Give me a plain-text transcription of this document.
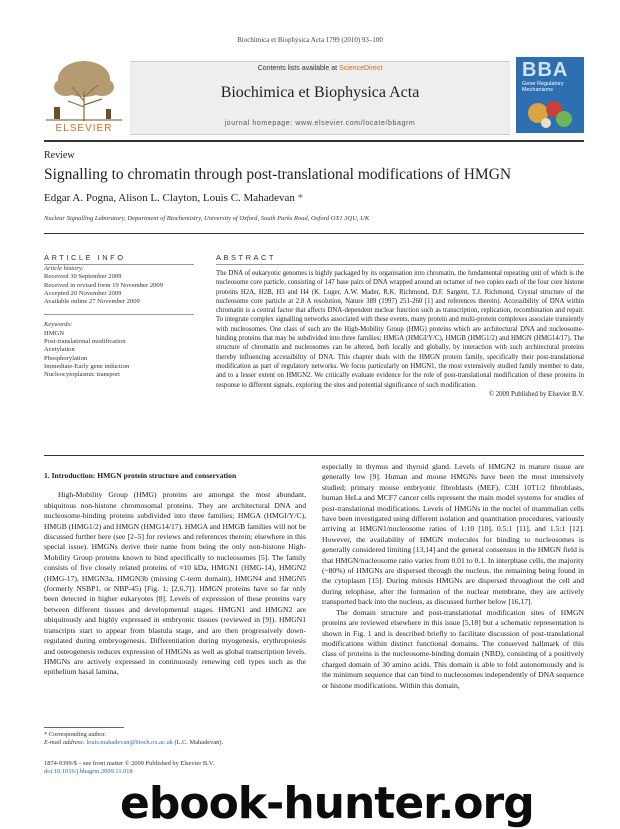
Biochimica et Biophysica Acta 1799 (2010) 93–100
ELSEVIER
Contents lists available at ScienceDirect
Biochimica et Biophysica Acta
journal homepage: www.elsevier.com/locate/bbagrm
BBA
Gene Regulatory Mechanisms
Review
Signalling to chromatin through post-translational modifications of HMGN
Edgar A. Pogna, Alison L. Clayton, Louis C. Mahadevan *
Nuclear Signalling Laboratory, Department of Biochemistry, University of Oxford, South Parks Road, Oxford OX1 3QU, UK
ARTICLE INFO
Article history:
Received 30 September 2009
Received in revised form 19 November 2009
Accepted 20 November 2009
Available online 27 November 2009
Keywords:
HMGN
Post-translational modification
Acetylation
Phosphorylation
Immediate-Early gene induction
Nucleocytoplasmic transport
ABSTRACT
The DNA of eukaryotic genomes is highly packaged by its organisation into chromatin, the fundamental repeating unit of which is the nucleosome core particle, consisting of 147 base pairs of DNA wrapped around an octamer of two copies each of the four core histone proteins H2A, H2B, H3 and H4 (K. Luger, A.W. Mader, R.K. Richmond, D.F. Sargent, T.J. Richmond, Crystal structure of the nucleosome core particle at 2.8 A resolution, Nature 389 (1997) 251-260 [1] and references therein). Accessibility of DNA within chromatin is a central factor that affects DNA-dependent nuclear function such as transcription, replication, recombination and repair. To integrate complex signalling networks associated with these events, many protein and multi-protein complexes associate transiently with nucleosomes. One class of such are the High-Mobility Group (HMG) proteins which are architectural DNA and nucleosome-binding proteins that may be subdivided into three families; HMGA (HMGI/Y/C), HMGB (HMG1/2) and HMGN (HMG14/17). The structure of chromatin and nucleosomes can be altered, both locally and globally, by interaction with such architectural proteins thereby influencing accessibility of DNA. This chapter deals with the HMGN protein family, specifically their post-translational modification as part of regulatory networks. We focus particularly on HMGN1, the most extensively studied family member to date, and to a lesser extent on HMGN2. We critically evaluate evidence for the role of post-translational modification of these proteins in response to different signals, exploring the sites and potential significance of such modification.
© 2009 Published by Elsevier B.V.
1. Introduction: HMGN protein structure and conservation

High-Mobility Group (HMG) proteins are amongst the most abundant, ubiquitous non-histone chromosomal proteins. They are architectural DNA and nucleosome-binding proteins subdivided into three families; HMGA (HMGI/Y/C), HMGB (HMG1/2) and HMGN (HMG14/17). HMGA and HMGB families will not be discussed further here (see [2–5] for reviews and references therein; elsewhere in this special issue). HMGNs derive their name from being the only non-histone High-Mobility Group proteins known to bind specifically to nucleosomes [5]. The family consists of five closely related proteins of ≈10 kDa, HMGN1 (HMG-14), HMGN2 (HMG-17), HMGN3a, HMGN3b (missing C-term domain), HMGN4 and HMGN5 (formerly NSBP1, or NBP-45) [Fig. 1; [2,6,7]]. HMGN proteins have so far only been detected in higher eukaryotes [8]. Levels of expression of these proteins vary between different tissues and developmental stages. HMGN1 and HMGN2 are ubiquitously and highly expressed in embryonic tissues (reviewed in [9]). HMGN1 transcripts start to appear from blastula stage, and are then progressively down-regulated during embryogenesis. Differentiation during myogenesis, erythropoiesis and osteogenesis reduces expression of HMGNs as well as global transcription levels. HMGNs are actively expressed in continuously renewing cell types such as the epithelium basal lamina,

especially in thymus and thyroid gland. Levels of HMGN2 in mature tissue are generally low [9]. Human and mouse HMGNs have been the most intensively studied; primary mouse embryonic fibroblasts (MEF), C3H 10T1/2 fibroblasts, human HeLa and MCF7 cancer cells represent the main model systems for studies of post-translational modifications. Levels of HMGNs in the nuclei of mammalian cells have been investigated using different isolation and quantitation procedures, variously arriving at HMGN1/nucleosome ratios of 1:10 [10], 0.5:1 [11], and 1.5:1 [12]. However, the availability of HMGN molecules for binding to nucleosomes is generally considered limiting [13,14] and the general consensus in the HMGN field is that HMGN/nucleosome ratio varies from 0.01 to 0.1. In interphase cells, the majority (~80%) of HMGNs are dispersed through the nucleus, the remaining being found in the cytoplasm [15]. During mitosis HMGNs are dispersed throughout the cell and during telophase, after the formation of the nuclear membrane, they are actively transported back into the nucleus, as discussed further below [16,17].

The domain structure and post-translational modification sites of HMGN proteins are reviewed elsewhere in this issue [5,18] but a schematic representation is shown in Fig. 1 and is described briefly to facilitate discussion of post-translational modifications within distinct functional domains. The conserved hallmark of this class of proteins is the nucleosome-binding domain (NBD), consisting of a positively charged domain of 30 amino acids. This domain is able to fold autonomously and is the minimum sequence that can bind to nucleosomes independently of DNA sequence or histone modifications. Within this domain,

* Corresponding author.
E-mail address: louis.mahadevan@bioch.ox.ac.uk (L.C. Mahadevan).
1874-9399/$ – see front matter © 2009 Published by Elsevier B.V.
doi:10.1016/j.bbagrm.2009.11.018
ebook-hunter.org
